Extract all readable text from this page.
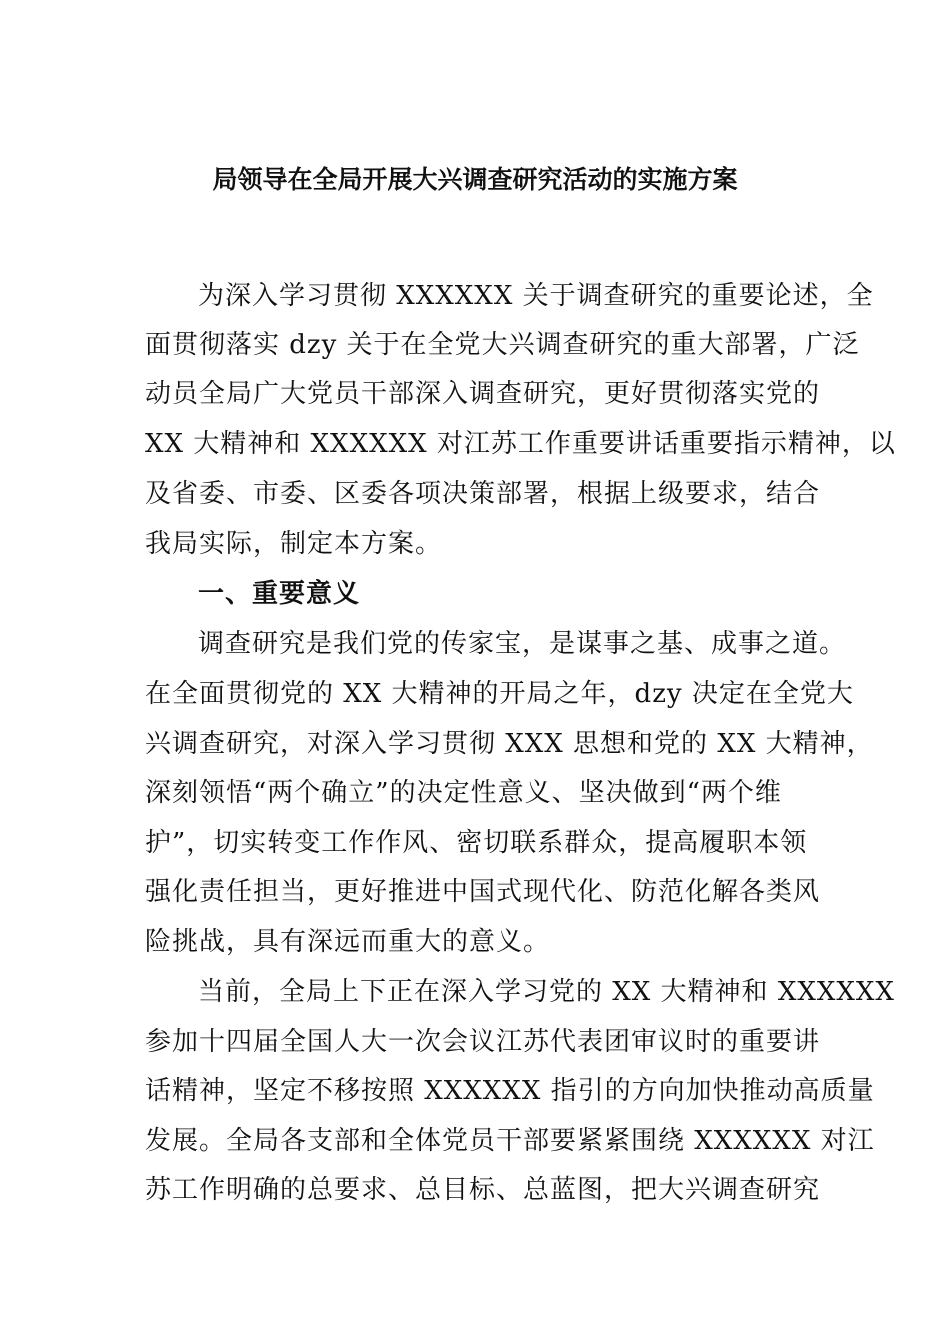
局领导在全局开展大兴调查研究活动的实施方案
为深入学习贯彻 XXXXXX 关于调查研究的重要论述，全
面贯彻落实 dzy 关于在全党大兴调查研究的重大部署，广泛
动员全局广大党员干部深入调查研究，更好贯彻落实党的
XX 大精神和 XXXXXX 对江苏工作重要讲话重要指示精神，以
及省委、市委、区委各项决策部署，根据上级要求，结合
我局实际，制定本方案。
一、重要意义
调查研究是我们党的传家宝，是谋事之基、成事之道。
在全面贯彻党的 XX 大精神的开局之年，dzy 决定在全党大
兴调查研究，对深入学习贯彻 XXX 思想和党的 XX 大精神，
深刻领悟“两个确立”的决定性意义、坚决做到“两个维
护”，切实转变工作作风、密切联系群众，提高履职本领
强化责任担当，更好推进中国式现代化、防范化解各类风
险挑战，具有深远而重大的意义。
当前，全局上下正在深入学习党的 XX 大精神和 XXXXXX
参加十四届全国人大一次会议江苏代表团审议时的重要讲
话精神，坚定不移按照 XXXXXX 指引的方向加快推动高质量
发展。全局各支部和全体党员干部要紧紧围绕 XXXXXX 对江
苏工作明确的总要求、总目标、总蓝图，把大兴调查研究
